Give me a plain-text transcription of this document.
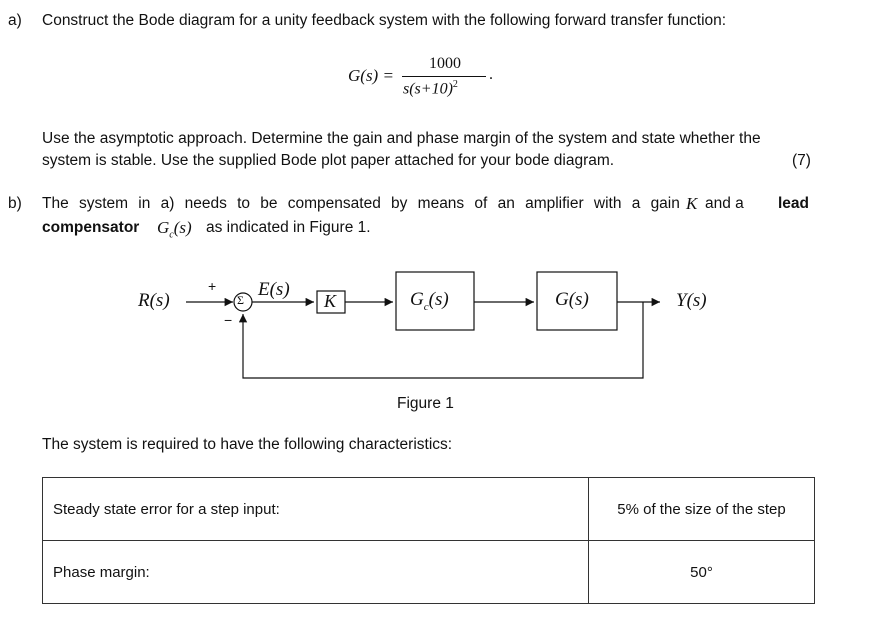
a) Construct the Bode diagram for a unity feedback system with the following forward transfer function:
G(s) =
1000
$s(s+10)^2$
.
Use the asymptotic approach. Determine the gain and phase margin of the system and state whether the
system is stable. Use the supplied Bode plot paper attached for your bode diagram.	(7)
b) The system in a) needs to be compensated by means of an amplifier with a gain K and a lead
compensator $G_c(s)$ as indicated in Figure 1.
R(s)
+
−
Σ E(s)
K	$G_c(s)$	G(s)	Y(s)
Figure 1
The system is required to have the following characteristics:
Steady state error for a step input:	5% of the size of the step
Phase margin:	50°
